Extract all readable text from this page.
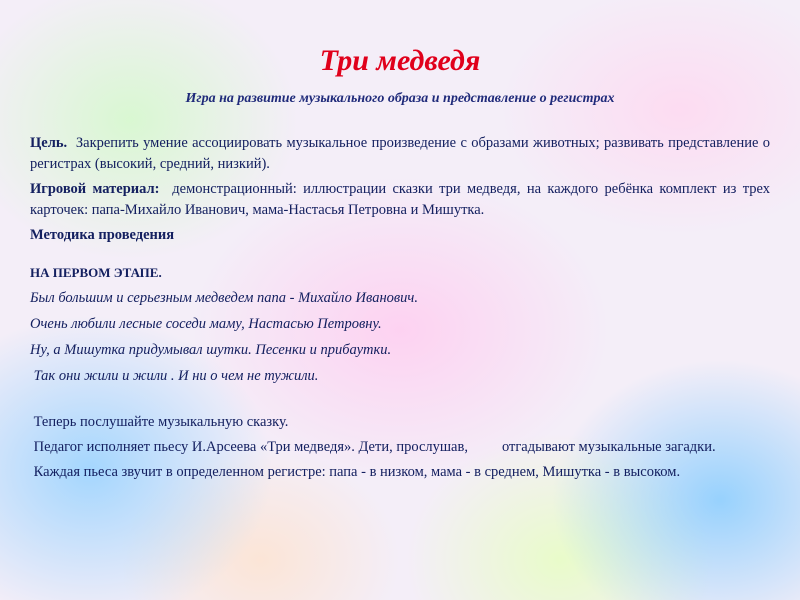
Три медведя

Игра на развитие музыкального образа и представление о регистрах

Цель. Закрепить умение ассоциировать музыкальное произведение с образами животных; развивать представление о регистрах (высокий, средний, низкий).

Игровой материал: демонстрационный: иллюстрации сказки три медведя, на каждого ребёнка комплект из трех карточек: папа-Михайло Иванович, мама-Настасья Петровна и Мишутка.

Методика проведения

НА ПЕРВОМ ЭТАПЕ.

Был большим и серьезным медведем папа - Михайло Иванович.

Очень любили лесные соседи маму, Настасью Петровну.

Ну, а Мишутка придумывал шутки. Песенки и прибаутки.

Так они жили и жили . И ни о чем не тужили.

Теперь послушайте музыкальную сказку.

Педагог исполняет пьесу И.Арсеева «Три медведя». Дети, прослушав, отгадывают музыкальные загадки.

Каждая пьеса звучит в определенном регистре: папа - в низком, мама - в среднем, Мишутка - в высоком.
